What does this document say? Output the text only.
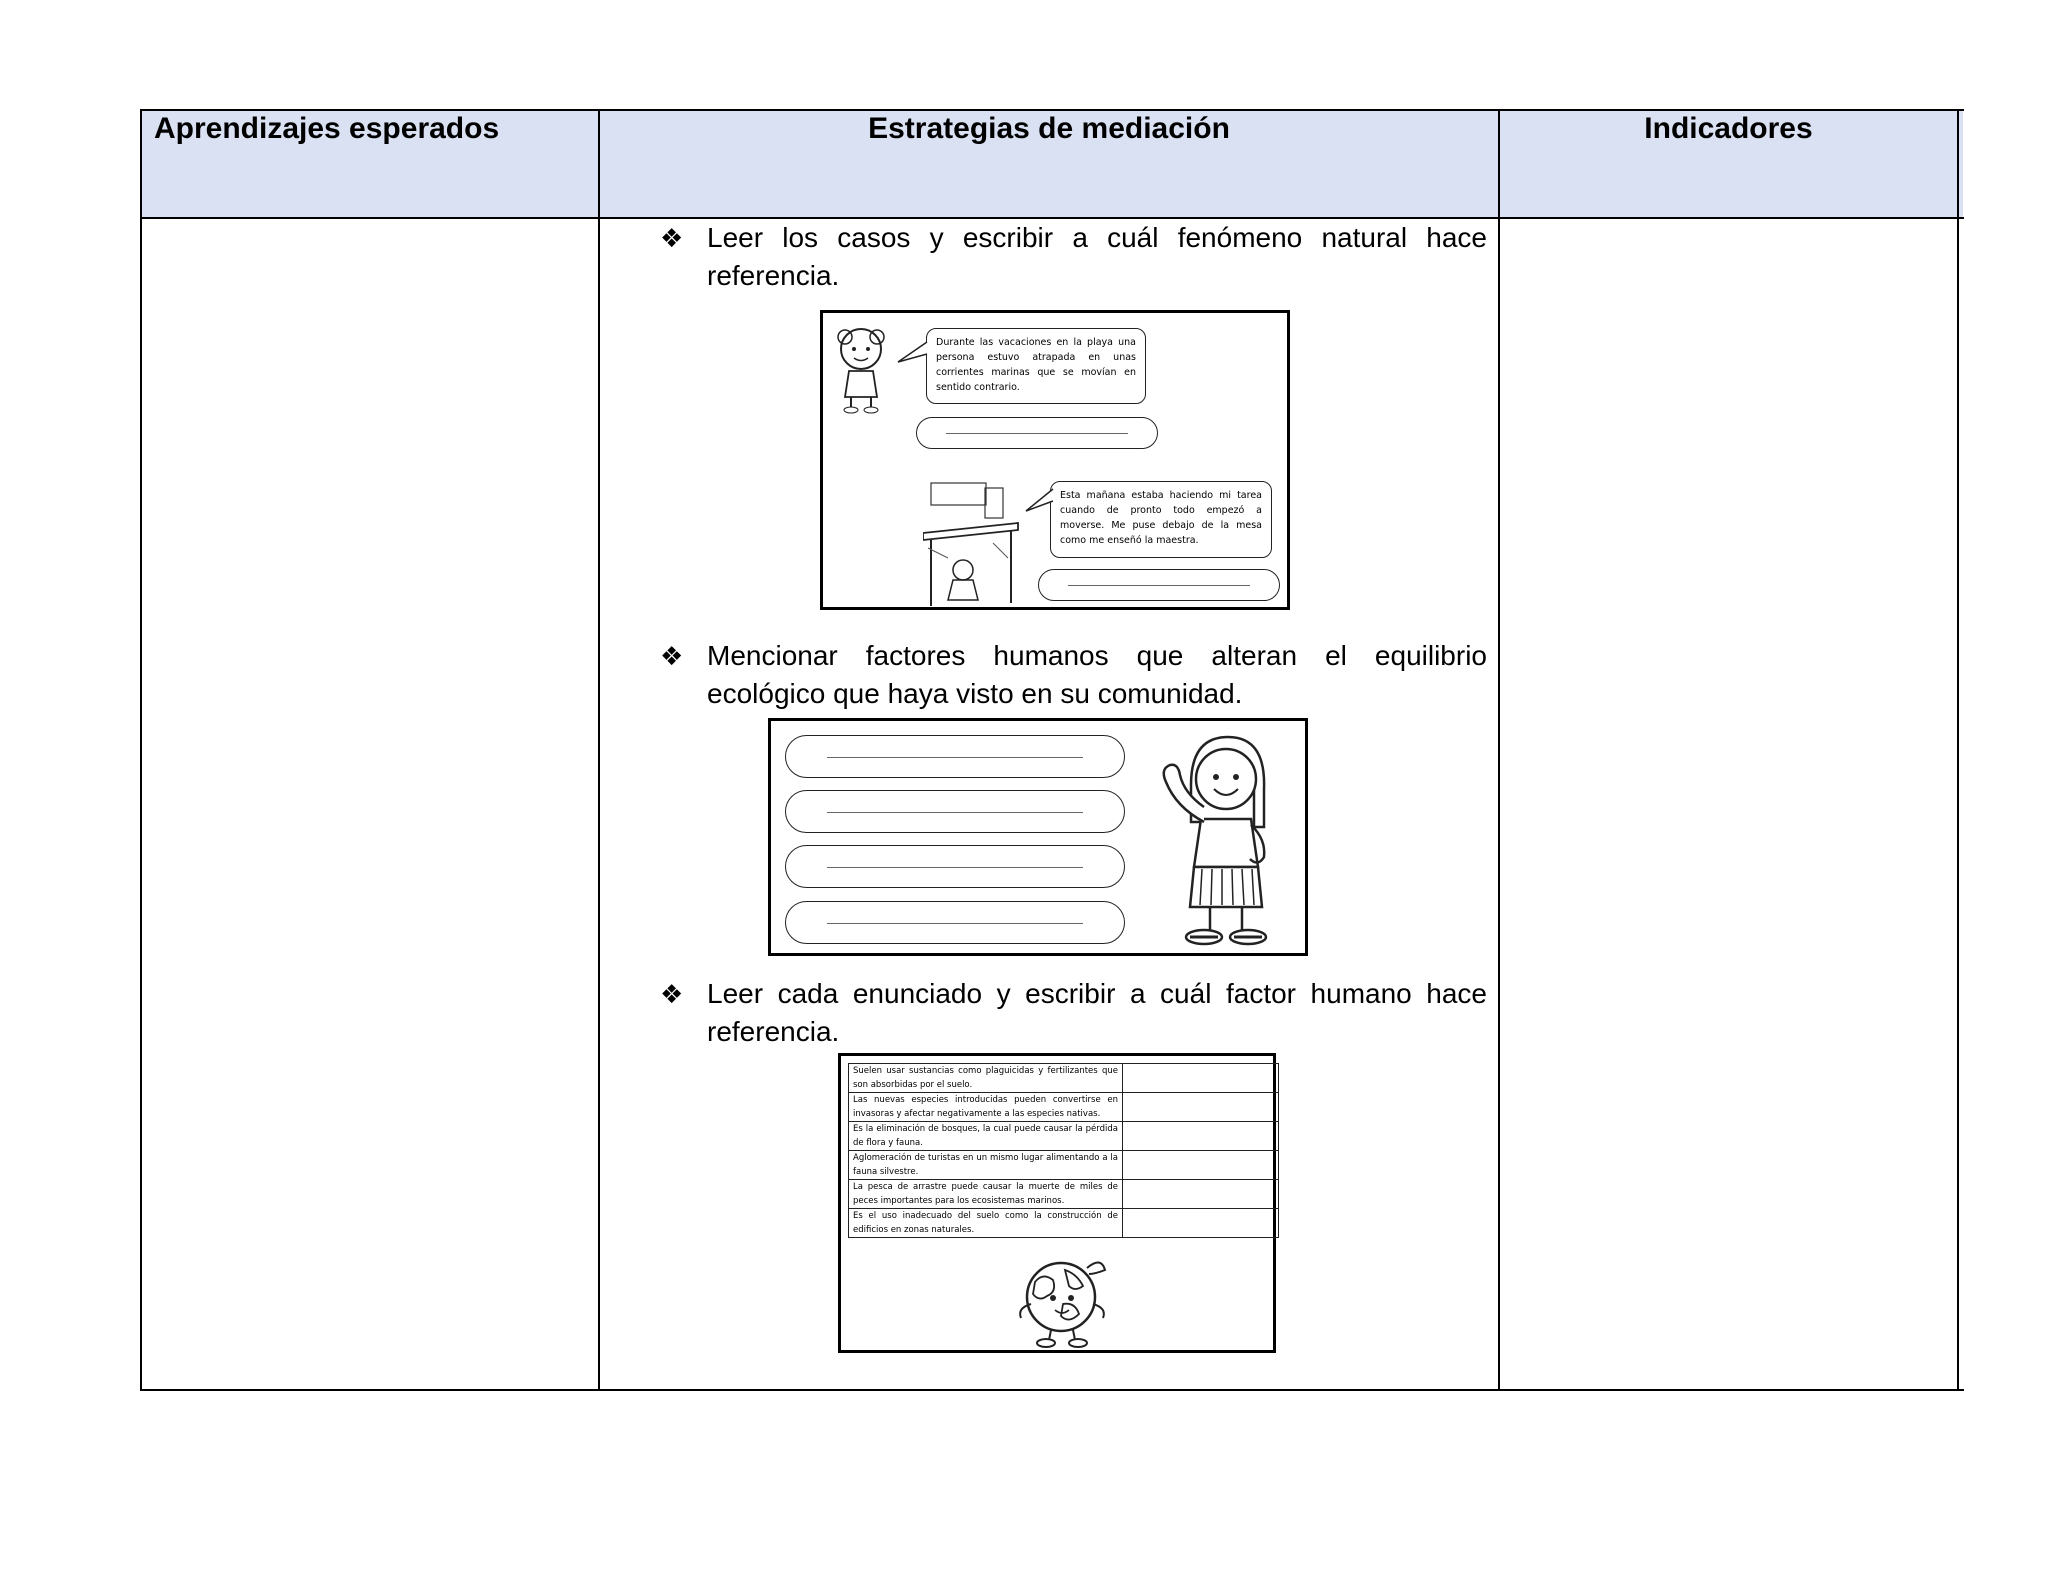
Aprendizajes esperados	Estrategias de mediación	Indicadores
❖ Leer los casos y escribir a cuál fenómeno natural hace
referencia.
Durante las vacaciones en la playa una persona estuvo atrapada en unas corrientes marinas que se movían en sentido contrario.
Esta mañana estaba haciendo mi tarea cuando de pronto todo empezó a moverse. Me puse debajo de la mesa como me enseñó la maestra.
❖ Mencionar factores humanos que alteran el equilibrio
ecológico que haya visto en su comunidad.
❖ Leer cada enunciado y escribir a cuál factor humano hace
referencia.
Suelen usar sustancias como plaguicidas y fertilizantes que son absorbidas por el suelo.	
Las nuevas especies introducidas pueden convertirse en invasoras y afectar negativamente a las especies nativas.	
Es la eliminación de bosques, la cual puede causar la pérdida de flora y fauna.	
Aglomeración de turistas en un mismo lugar alimentando a la fauna silvestre.	
La pesca de arrastre puede causar la muerte de miles de peces importantes para los ecosistemas marinos.	
Es el uso inadecuado del suelo como la construcción de edificios en zonas naturales.	
